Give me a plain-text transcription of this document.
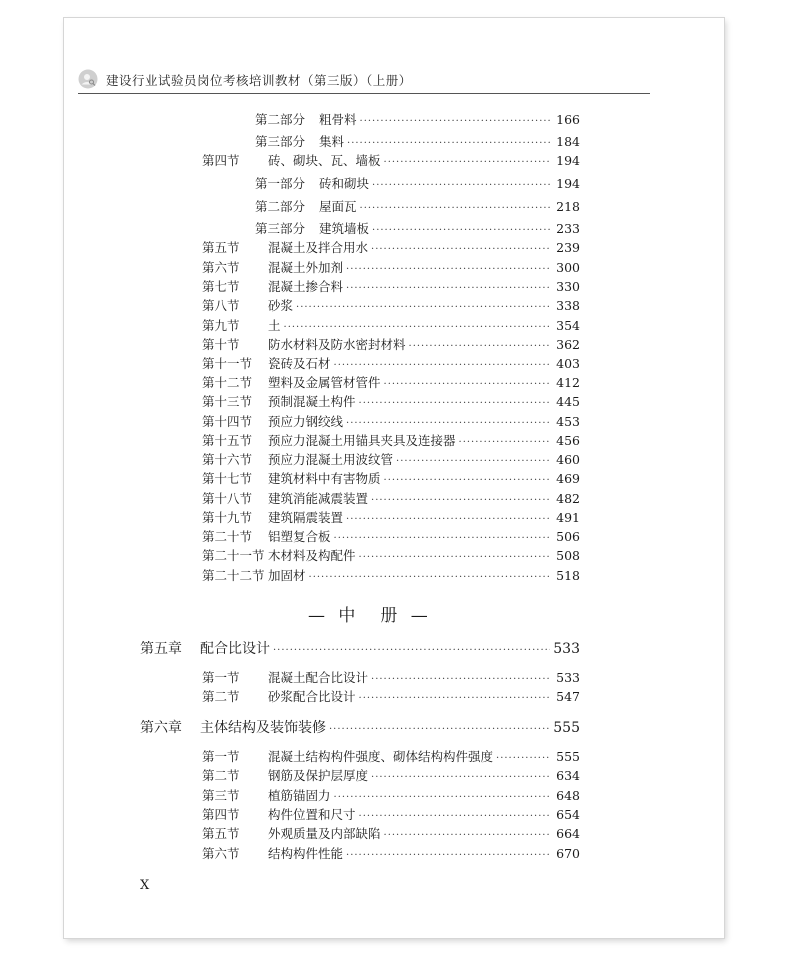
建设行业试验员岗位考核培训教材（第三版）（上册）
第二部分	粗骨料 ·····	166
第三部分	集料 ·····	184
第四节	砖、砌块、瓦、墙板 ·····	194
第一部分	砖和砌块 ·····	194
第二部分	屋面瓦 ·····	218
第三部分	建筑墙板 ·····	233
第五节	混凝土及拌合用水 ·····	239
第六节	混凝土外加剂 ·····	300
第七节	混凝土掺合料 ·····	330
第八节	砂浆 ·····	338
第九节	土 ·····	354
第十节	防水材料及防水密封材料 ·····	362
第十一节	瓷砖及石材 ·····	403
第十二节	塑料及金属管材管件 ·····	412
第十三节	预制混凝土构件 ·····	445
第十四节	预应力钢绞线 ·····	453
第十五节	预应力混凝土用锚具夹具及连接器 ·····	456
第十六节	预应力混凝土用波纹管 ·····	460
第十七节	建筑材料中有害物质 ·····	469
第十八节	建筑消能减震装置 ·····	482
第十九节	建筑隔震装置 ·····	491
第二十节	铝塑复合板 ·····	506
第二十一节 木材料及构配件 ·····	508
第二十二节 加固材 ·····	518
第五章	配合比设计 ·····	533
第一节	混凝土配合比设计 ·····	533
第二节	砂浆配合比设计 ·····	547
第六章	主体结构及装饰装修 ·····	555
第一节	混凝土结构构件强度、砌体结构构件强度 ·····	555
第二节	钢筋及保护层厚度 ·····	634
第三节	植筋锚固力 ·····	648
第四节	构件位置和尺寸 ·····	654
第五节	外观质量及内部缺陷 ·····	664
第六节	结构构件性能 ·····	670
— 中　册 —
X
